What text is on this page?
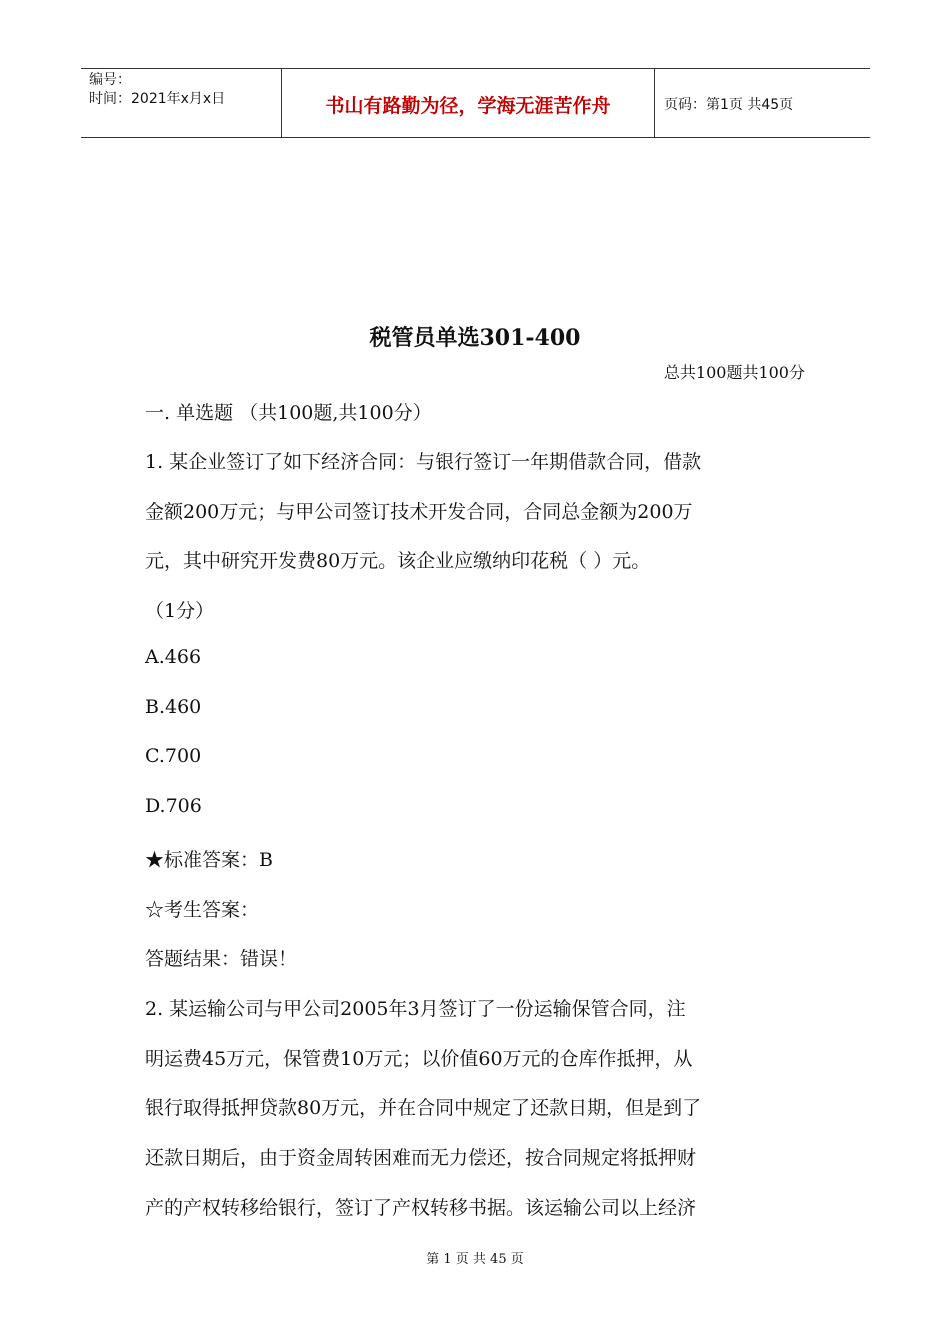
编号：
时间：2021年x月x日	书山有路勤为径，学海无涯苦作舟	页码：第1页 共45页
税管员单选301-400
总共100题共100分
一. 单选题 （共100题,共100分）
1. 某企业签订了如下经济合同：与银行签订一年期借款合同，借款
金额200万元；与甲公司签订技术开发合同，合同总金额为200万
元，其中研究开发费80万元。该企业应缴纳印花税（ ）元。
（1分）
A.466
B.460
C.700
D.706
★标准答案：B
☆考生答案：
答题结果：错误！
2. 某运输公司与甲公司2005年3月签订了一份运输保管合同，注
明运费45万元，保管费10万元；以价值60万元的仓库作抵押，从
银行取得抵押贷款80万元，并在合同中规定了还款日期，但是到了
还款日期后，由于资金周转困难而无力偿还，按合同规定将抵押财
产的产权转移给银行，签订了产权转移书据。该运输公司以上经济
第 1 页 共 45 页
